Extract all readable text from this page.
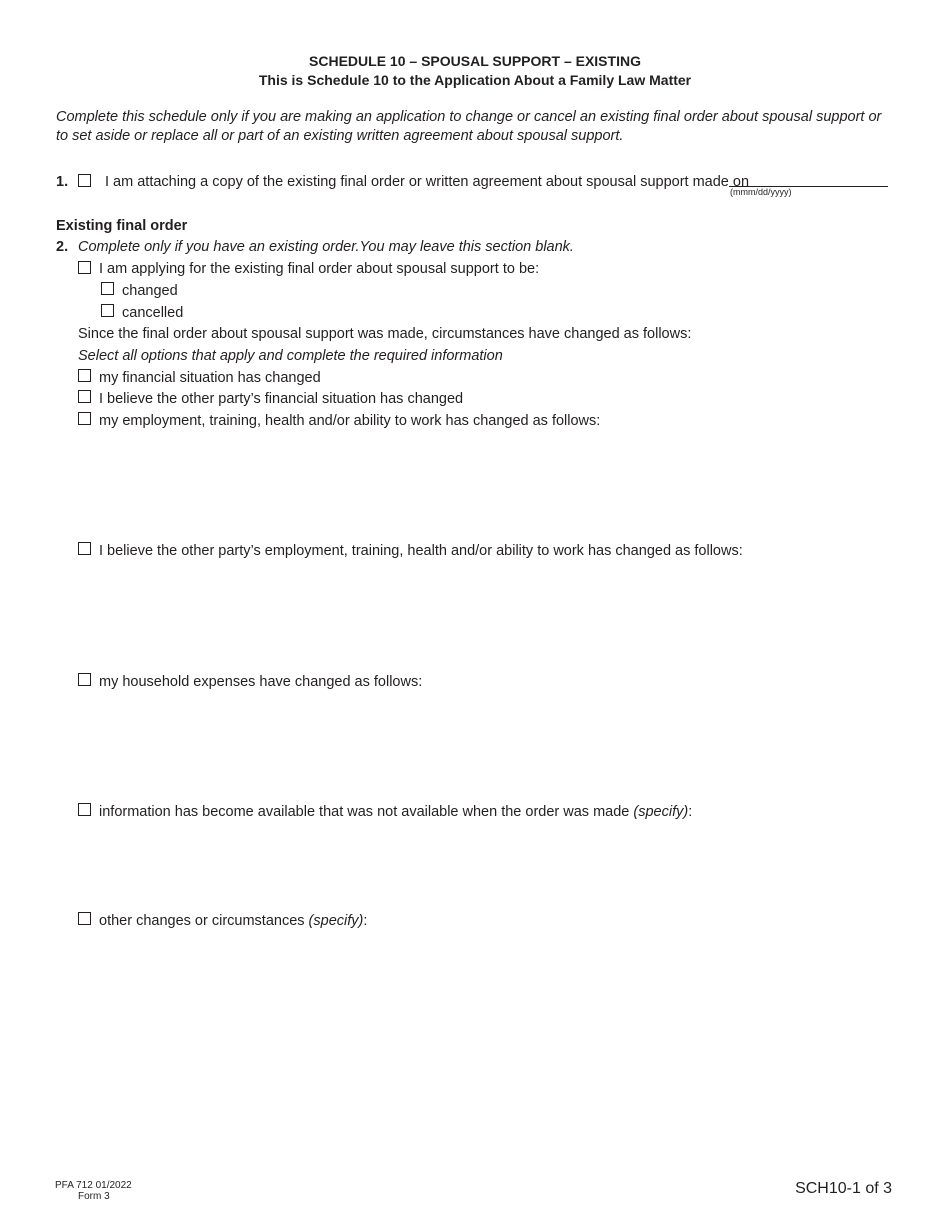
SCHEDULE 10 – SPOUSAL SUPPORT – EXISTING
This is Schedule 10 to the Application About a Family Law Matter
Complete this schedule only if you are making an application to change or cancel an existing final order about spousal support or to set aside or replace all or part of an existing written agreement about spousal support.
1.	I am attaching a copy of the existing final order or written agreement about spousal support made on
(mmm/dd/yyyy)
Existing final order
2. Complete only if you have an existing order.You may leave this section blank.
I am applying for the existing final order about spousal support to be:
changed
cancelled
Since the final order about spousal support was made, circumstances have changed as follows:
Select all options that apply and complete the required information
my financial situation has changed
I believe the other party’s financial situation has changed
my employment, training, health and/or ability to work has changed as follows:
I believe the other party’s employment, training, health and/or ability to work has changed as follows:
my household expenses have changed as follows:
information has become available that was not available when the order was made (specify):
other changes or circumstances (specify):
PFA 712 01/2022
Form 3	SCH10-1 of 3
